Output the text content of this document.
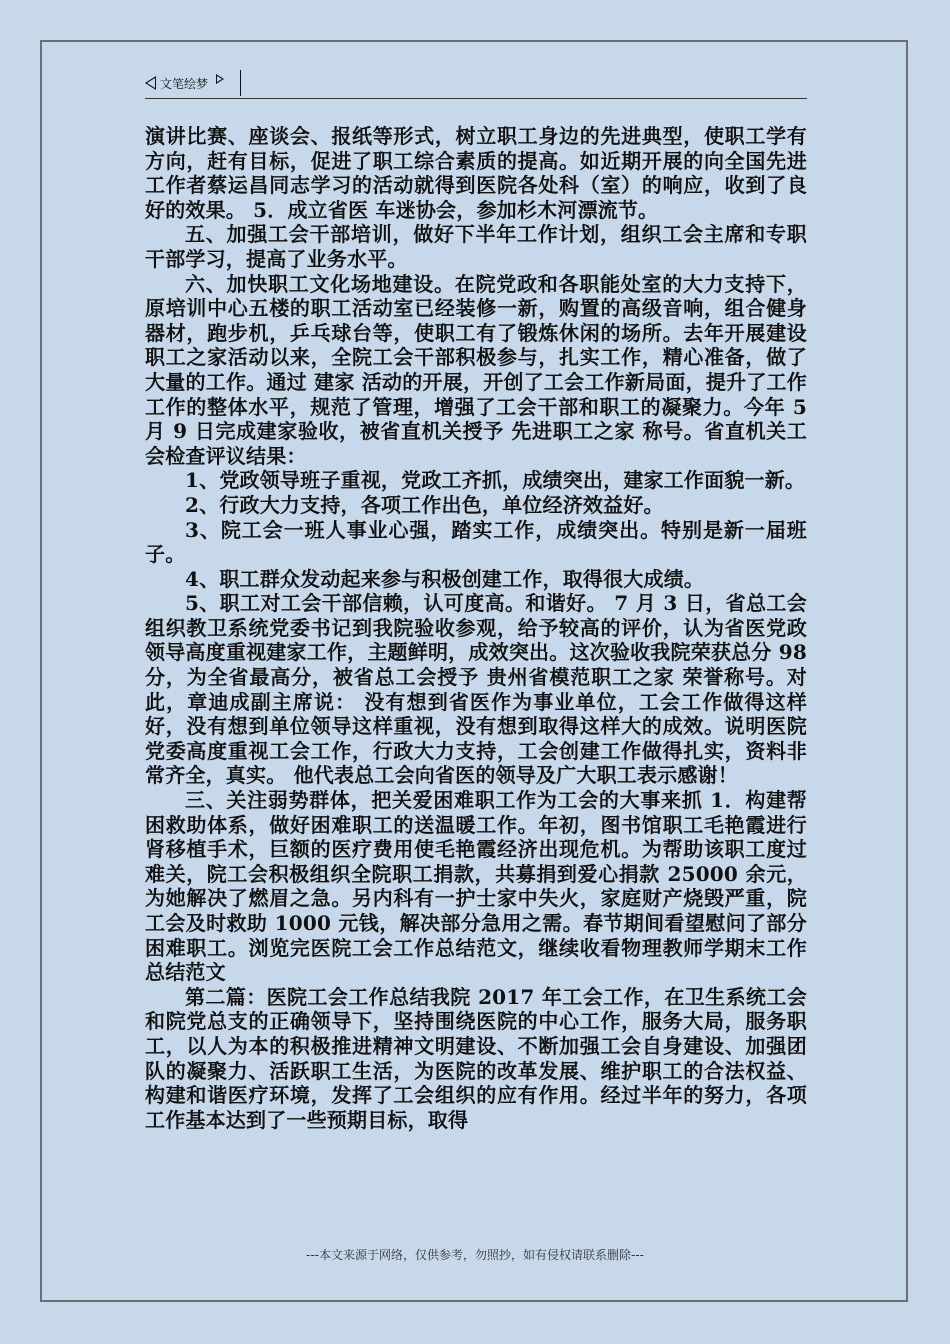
文笔绘梦

演讲比赛、座谈会、报纸等形式，树立职工身边的先进典型，使职工学有方向，赶有目标，促进了职工综合素质的提高。如近期开展的向全国先进工作者蔡运昌同志学习的活动就得到医院各处科（室）的响应，收到了良好的效果。 5．成立省医 车迷协会，参加杉木河漂流节。

五、加强工会干部培训，做好下半年工作计划，组织工会主席和专职干部学习，提高了业务水平。

六、加快职工文化场地建设。在院党政和各职能处室的大力支持下，原培训中心五楼的职工活动室已经装修一新，购置的高级音响，组合健身器材，跑步机，乒乓球台等，使职工有了锻炼休闲的场所。去年开展建设职工之家活动以来，全院工会干部积极参与，扎实工作，精心准备，做了大量的工作。通过 建家 活动的开展，开创了工会工作新局面，提升了工作工作的整体水平，规范了管理，增强了工会干部和职工的凝聚力。今年 5 月 9 日完成建家验收，被省直机关授予 先进职工之家 称号。省直机关工会检查评议结果：

1、党政领导班子重视，党政工齐抓，成绩突出，建家工作面貌一新。

2、行政大力支持，各项工作出色，单位经济效益好。

3、院工会一班人事业心强，踏实工作，成绩突出。特别是新一届班子。

4、职工群众发动起来参与积极创建工作，取得很大成绩。

5、职工对工会干部信赖，认可度高。和谐好。 7 月 3 日，省总工会组织教卫系统党委书记到我院验收参观，给予较高的评价，认为省医党政领导高度重视建家工作，主题鲜明，成效突出。这次验收我院荣获总分 98 分，为全省最高分，被省总工会授予 贵州省模范职工之家 荣誉称号。对此，章迪成副主席说： 没有想到省医作为事业单位，工会工作做得这样好，没有想到单位领导这样重视，没有想到取得这样大的成效。说明医院党委高度重视工会工作，行政大力支持，工会创建工作做得扎实，资料非常齐全，真实。 他代表总工会向省医的领导及广大职工表示感谢！

三、关注弱势群体，把关爱困难职工作为工会的大事来抓 1．构建帮困救助体系，做好困难职工的送温暖工作。年初，图书馆职工毛艳霞进行肾移植手术，巨额的医疗费用使毛艳霞经济出现危机。为帮助该职工度过难关，院工会积极组织全院职工捐款，共募捐到爱心捐款 25000 余元，为她解决了燃眉之急。另内科有一护士家中失火，家庭财产烧毁严重，院工会及时救助 1000 元钱，解决部分急用之需。春节期间看望慰问了部分困难职工。浏览完医院工会工作总结范文，继续收看物理教师学期末工作总结范文

第二篇：医院工会工作总结我院 2017 年工会工作，在卫生系统工会和院党总支的正确领导下，坚持围绕医院的中心工作，服务大局，服务职工，以人为本的积极推进精神文明建设、不断加强工会自身建设、加强团队的凝聚力、活跃职工生活，为医院的改革发展、维护职工的合法权益、构建和谐医疗环境，发挥了工会组织的应有作用。经过半年的努力，各项工作基本达到了一些预期目标，取得

---本文来源于网络，仅供参考，勿照抄，如有侵权请联系删除---
